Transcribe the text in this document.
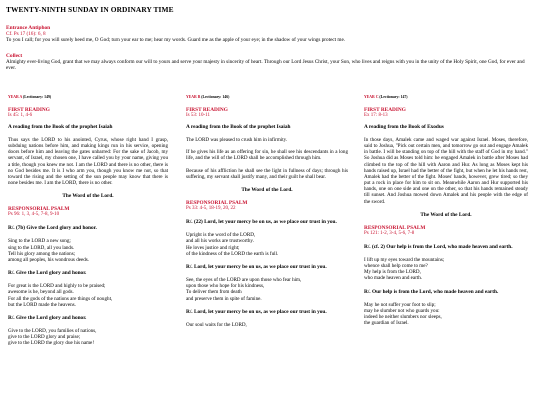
TWENTY-NINTH SUNDAY IN ORDINARY TIME
Entrance Antiphon
Cf. Ps 17 (16): 6, 8
To you I call; for you will surely heed me, O God; turn your ear to me; hear my words. Guard me as the apple of your eye; in the shadow of your wings protect me.
Collect
Almighty ever-living God, grant that we may always conform our will to yours and serve your majesty in sincerity of heart. Through our Lord Jesus Christ, your Son, who lives and reigns with you in the unity of the Holy Spirit, one God, for ever and ever.
YEAR A (Lectionary: 149)
FIRST READING
Is 45: 1, 4-6
A reading from the Book of the prophet Isaiah

Thus says the LORD to his anointed, Cyrus, whose right hand I grasp, subduing nations before him, and making kings run in his service, opening doors before him and leaving the gates unbarred: For the sake of Jacob, my servant, of Israel, my chosen one, I have called you by your name, giving you a title, though you knew me not. I am the LORD and there is no other, there is no God besides me. It is I who arm you, though you know me not, so that toward the rising and the setting of the sun people may know that there is none besides me. I am the LORD, there is no other.

The Word of the Lord.
RESPONSORIAL PSALM
Ps 96: 1, 3, 4-5, 7-8, 9-10

R/. (7b) Give the Lord glory and honor.

Sing to the LORD a new song;
sing to the LORD, all you lands.
Tell his glory among the nations;
among all peoples, his wondrous deeds.

R/. Give the Lord glory and honor.

For great is the LORD and highly to be praised;
awesome is he, beyond all gods.
For all the gods of the nations are things of nought,
but the LORD made the heavens.

R/. Give the Lord glory and honor.

Give to the LORD, you families of nations,
give to the LORD glory and praise;
give to the LORD the glory due his name!

YEAR B (Lectionary: 146)
FIRST READING
Is 53: 10-11
A reading from the Book of the prophet Isaiah

The LORD was pleased to crush him in infirmity.

If he gives his life as an offering for sin, he shall see his descendants in a long life, and the will of the LORD shall be accomplished through him.

Because of his affliction he shall see the light in fullness of days; through his suffering, my servant shall justify many, and their guilt he shall bear.

The Word of the Lord.
RESPONSORIAL PSALM
Ps 33: 4-5, 18-19, 20, 22

R/. (22) Lord, let your mercy be on us, as we place our trust in you.

Upright is the word of the LORD,
and all his works are trustworthy.
He loves justice and right;
of the kindness of the LORD the earth is full.

R/. Lord, let your mercy be on us, as we place our trust in you.

See, the eyes of the LORD are upon those who fear him,
upon those who hope for his kindness,
To deliver them from death
and preserve them in spite of famine.

R/. Lord, let your mercy be on us, as we place our trust in you.

Our soul waits for the LORD,

YEAR C (Lectionary: 147)
FIRST READING
Ex 17: 8-13
A reading from the Book of Exodus

In those days, Amalek came and waged war against Israel. Moses, therefore, said to Joshua, "Pick out certain men, and tomorrow go out and engage Amalek in battle. I will be standing on top of the hill with the staff of God in my hand." So Joshua did as Moses told him: he engaged Amalek in battle after Moses had climbed to the top of the hill with Aaron and Hur. As long as Moses kept his hands raised up, Israel had the better of the fight, but when he let his hands rest, Amalek had the better of the fight. Moses' hands, however, grew tired; so they put a rock in place for him to sit on. Meanwhile Aaron and Hur supported his hands, one on one side and one on the other, so that his hands remained steady till sunset. And Joshua mowed down Amalek and his people with the edge of the sword.

The Word of the Lord.
RESPONSORIAL PSALM
Ps 121: 1-2, 3-4, 5-6, 7-8

R/. (cf. 2) Our help is from the Lord, who made heaven and earth.

I lift up my eyes toward the mountains;
whence shall help come to me?
My help is from the LORD,
who made heaven and earth.

R/. Our help is from the Lord, who made heaven and earth.

May he not suffer your foot to slip;
may he slumber not who guards you:
indeed he neither slumbers nor sleeps,
the guardian of Israel.
